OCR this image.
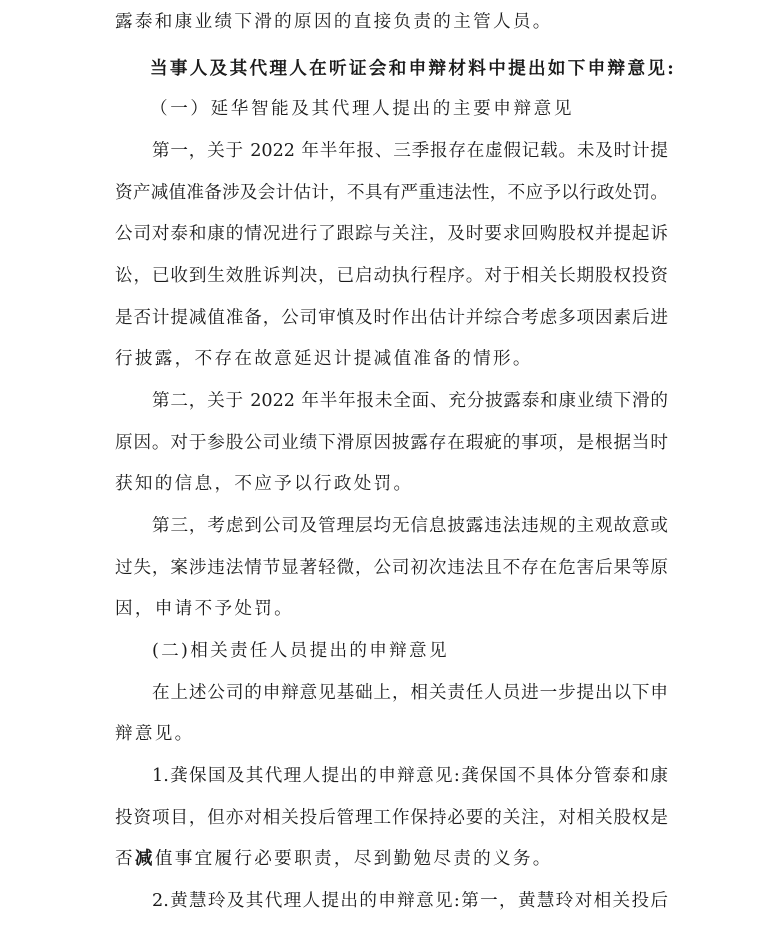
露泰和康业绩下滑的原因的直接负责的主管人员。
当事人及其代理人在听证会和申辩材料中提出如下申辩意见:
（一）延华智能及其代理人提出的主要申辩意见
第一，关于 2022 年半年报、三季报存在虚假记载。未及时计提
资产减值准备涉及会计估计，不具有严重违法性，不应予以行政处罚。
公司对泰和康的情况进行了跟踪与关注，及时要求回购股权并提起诉
讼，已收到生效胜诉判决，已启动执行程序。对于相关长期股权投资
是否计提减值准备，公司审慎及时作出估计并综合考虑多项因素后进
行披露，不存在故意延迟计提减值准备的情形。
第二，关于 2022 年半年报未全面、充分披露泰和康业绩下滑的
原因。对于参股公司业绩下滑原因披露存在瑕疵的事项，是根据当时
获知的信息，不应予以行政处罚。
第三，考虑到公司及管理层均无信息披露违法违规的主观故意或
过失，案涉违法情节显著轻微，公司初次违法且不存在危害后果等原
因，申请不予处罚。
(二)相关责任人员提出的申辩意见
在上述公司的申辩意见基础上，相关责任人员进一步提出以下申
辩意见。
1.龚保国及其代理人提出的申辩意见:龚保国不具体分管泰和康
投资项目，但亦对相关投后管理工作保持必要的关注，对相关股权是
否减值事宜履行必要职责，尽到勤勉尽责的义务。
2.黄慧玲及其代理人提出的申辩意见:第一，黄慧玲对相关投后
